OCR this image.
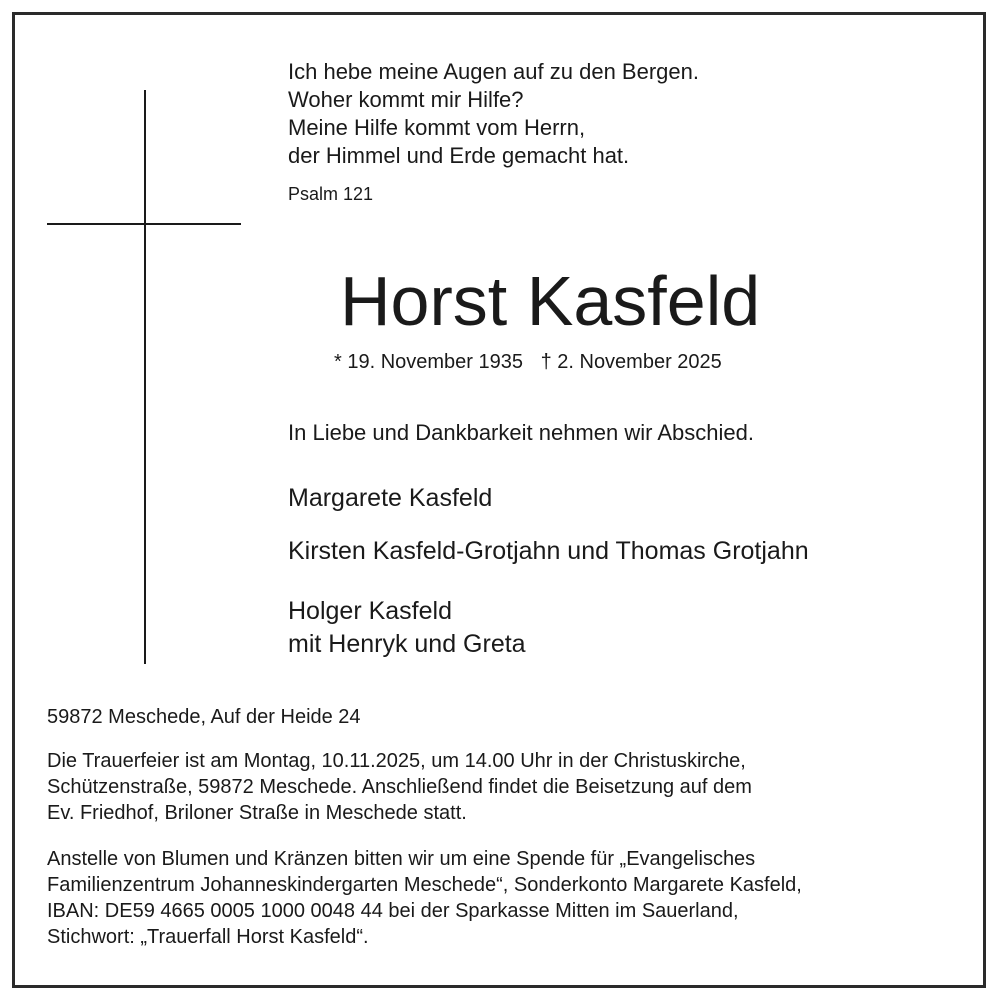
Ich hebe meine Augen auf zu den Bergen.
Woher kommt mir Hilfe?
Meine Hilfe kommt vom Herrn,
der Himmel und Erde gemacht hat.
Psalm 121
Horst Kasfeld
* 19. November 1935 † 2. November 2025
In Liebe und Dankbarkeit nehmen wir Abschied.
Margarete Kasfeld
Kirsten Kasfeld-Grotjahn und Thomas Grotjahn
Holger Kasfeld
mit Henryk und Greta
59872 Meschede, Auf der Heide 24
Die Trauerfeier ist am Montag, 10.11.2025, um 14.00 Uhr in der Christuskirche,
Schützenstraße, 59872 Meschede. Anschließend findet die Beisetzung auf dem
Ev. Friedhof, Briloner Straße in Meschede statt.
Anstelle von Blumen und Kränzen bitten wir um eine Spende für „Evangelisches
Familienzentrum Johanneskindergarten Meschede“, Sonderkonto Margarete Kasfeld,
IBAN: DE59 4665 0005 1000 0048 44 bei der Sparkasse Mitten im Sauerland,
Stichwort: „Trauerfall Horst Kasfeld“.
